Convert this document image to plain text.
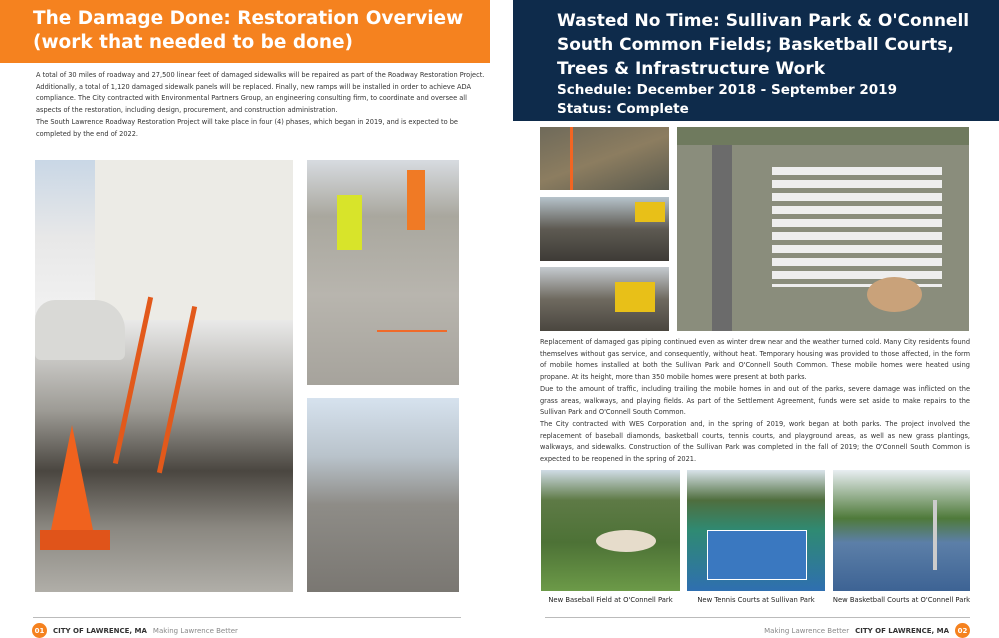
The Damage Done: Restoration Overview
(work that needed to be done)

A total of 30 miles of roadway and 27,500 linear feet of damaged sidewalks will be repaired as part of the Roadway Restoration Project. Additionally, a total of 1,120 damaged sidewalk panels will be replaced. Finally, new ramps will be installed in order to achieve ADA compliance. The City contracted with Environmental Partners Group, an engineering consulting firm, to coordinate and oversee all aspects of the restoration, including design, procurement, and construction administration.

The South Lawrence Roadway Restoration Project will take place in four (4) phases, which began in 2019, and is expected to be completed by the end of 2022.

Wasted No Time: Sullivan Park & O'Connell
South Common Fields; Basketball Courts,
Trees & Infrastructure Work
Schedule: December 2018 - September 2019
Status: Complete

Replacement of damaged gas piping continued even as winter drew near and the weather turned cold. Many City residents found themselves without gas service, and consequently, without heat. Temporary housing was provided to those affected, in the form of mobile homes installed at both the Sullivan Park and O'Connell South Common. These mobile homes were heated using propane. At its height, more than 350 mobile homes were present at both parks.

Due to the amount of traffic, including trailing the mobile homes in and out of the parks, severe damage was inflicted on the grass areas, walkways, and playing fields. As part of the Settlement Agreement, funds were set aside to make repairs to the Sullivan Park and O'Connell South Common.

The City contracted with WES Corporation and, in the spring of 2019, work began at both parks. The project involved the replacement of baseball diamonds, basketball courts, tennis courts, and playground areas, as well as new grass plantings, walkways, and sidewalks. Construction of the Sullivan Park was completed in the fall of 2019; the O'Connell South Common is expected to be reopened in the spring of 2021.

New Baseball Field at O'Connell Park	New Tennis Courts at Sullivan Park	New Basketball Courts at O'Connell Park
01	CITY OF LAWRENCE, MA Making Lawrence Better	Making Lawrence Better CITY OF LAWRENCE, MA	02
